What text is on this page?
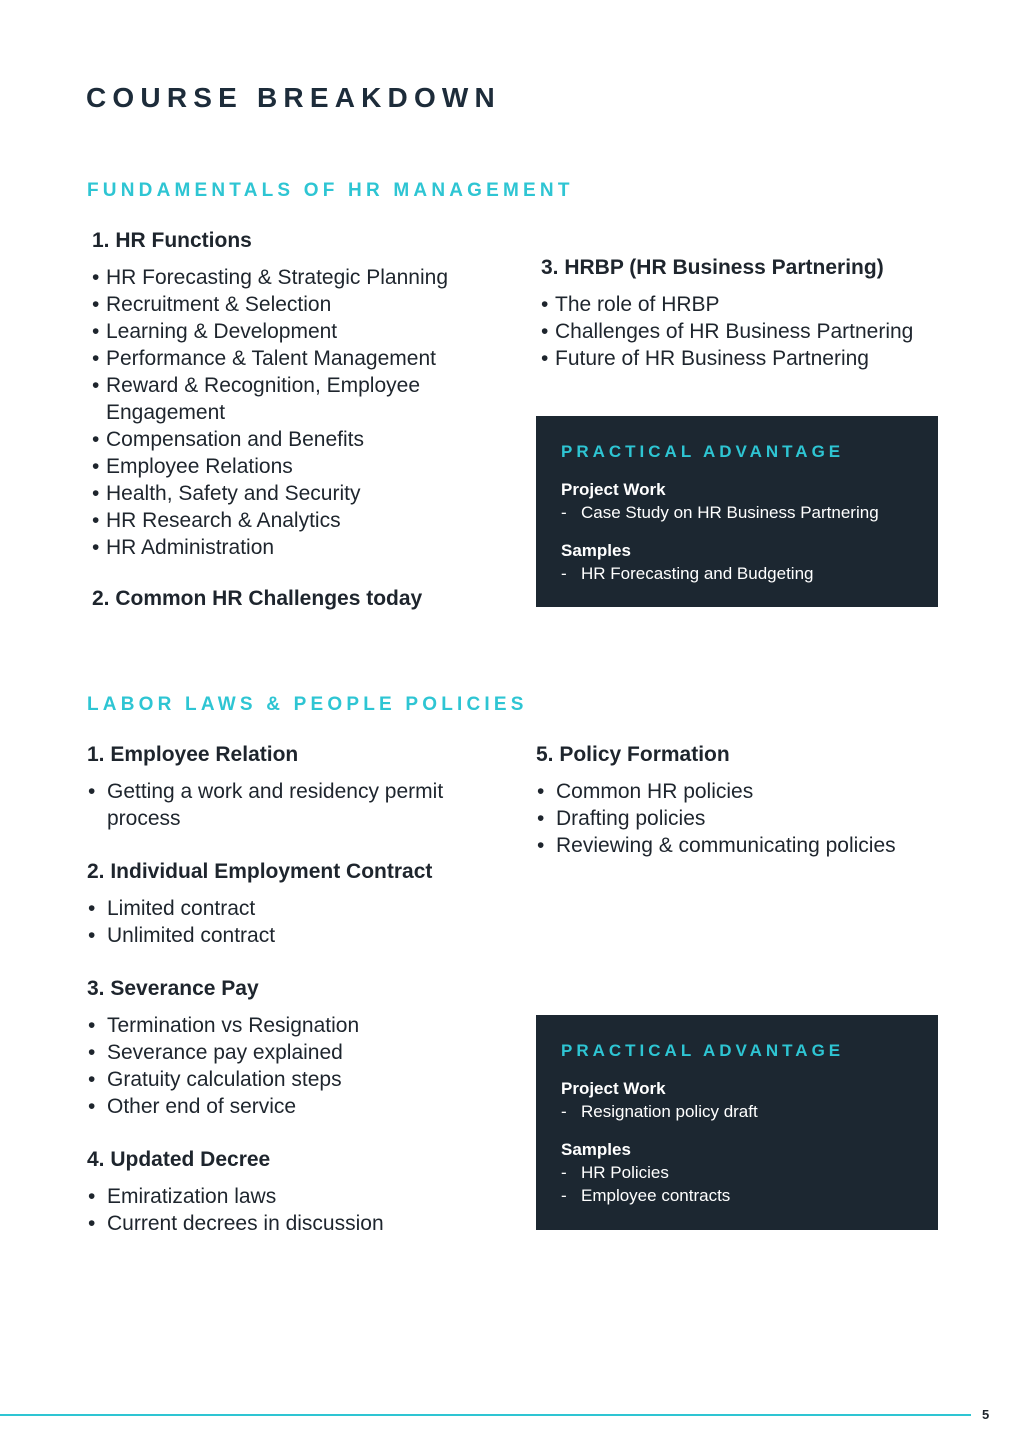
COURSE BREAKDOWN
FUNDAMENTALS OF HR MANAGEMENT
1. HR Functions
• HR Forecasting & Strategic Planning
• Recruitment & Selection
• Learning & Development
• Performance & Talent Management
• Reward & Recognition, Employee Engagement
• Compensation and Benefits
• Employee Relations
• Health, Safety and Security
• HR Research & Analytics
• HR Administration
2. Common HR Challenges today
3. HRBP (HR Business Partnering)
• The role of HRBP
• Challenges of HR Business Partnering
• Future of HR Business Partnering
PRACTICAL ADVANTAGE
Project Work
- Case Study on HR Business Partnering
Samples
- HR Forecasting and Budgeting
LABOR LAWS & PEOPLE POLICIES
1. Employee Relation
• Getting a work and residency permit process
2. Individual Employment Contract
• Limited contract
• Unlimited contract
3. Severance Pay
• Termination vs Resignation
• Severance pay explained
• Gratuity calculation steps
• Other end of service
4. Updated Decree
• Emiratization laws
• Current decrees in discussion
5. Policy Formation
• Common HR policies
• Drafting policies
• Reviewing & communicating policies
PRACTICAL ADVANTAGE
Project Work
- Resignation policy draft
Samples
- HR Policies
- Employee contracts
5
